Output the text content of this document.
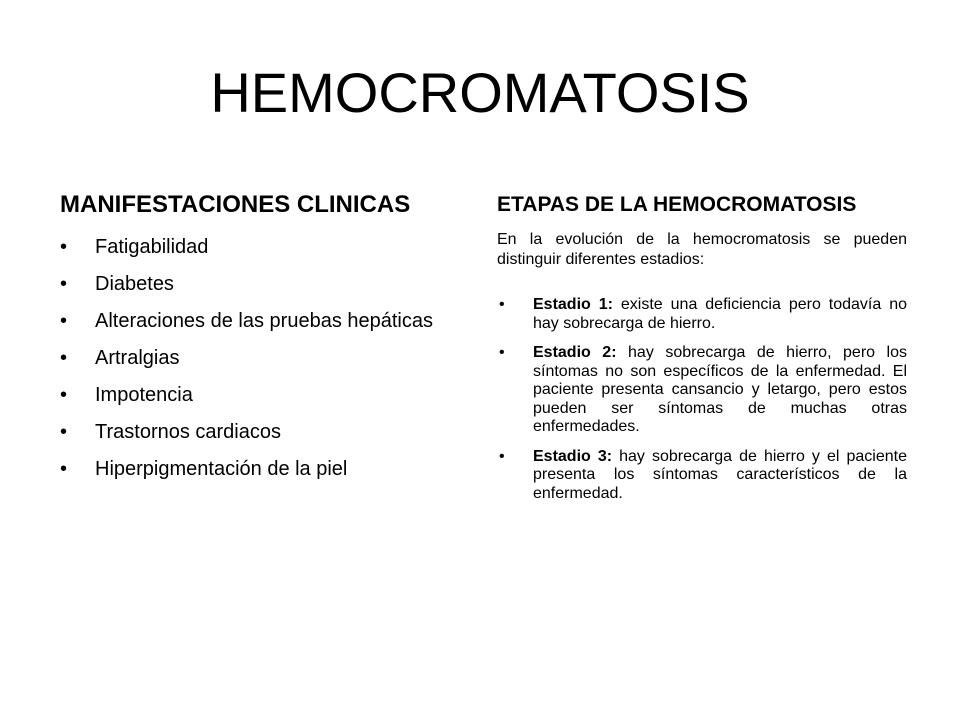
HEMOCROMATOSIS
MANIFESTACIONES CLINICAS
• Fatigabilidad
• Diabetes
• Alteraciones de las pruebas hepáticas
• Artralgias
• Impotencia
• Trastornos cardiacos
• Hiperpigmentación de la piel
ETAPAS DE LA HEMOCROMATOSIS

En la evolución de la hemocromatosis se pueden distinguir diferentes estadios:

• Estadio 1: existe una deficiencia pero todavía no hay sobrecarga de hierro.
• Estadio 2: hay sobrecarga de hierro, pero los síntomas no son específicos de la enfermedad. El paciente presenta cansancio y letargo, pero estos pueden ser síntomas de muchas otras enfermedades.
• Estadio 3: hay sobrecarga de hierro y el paciente presenta los síntomas característicos de la enfermedad.
